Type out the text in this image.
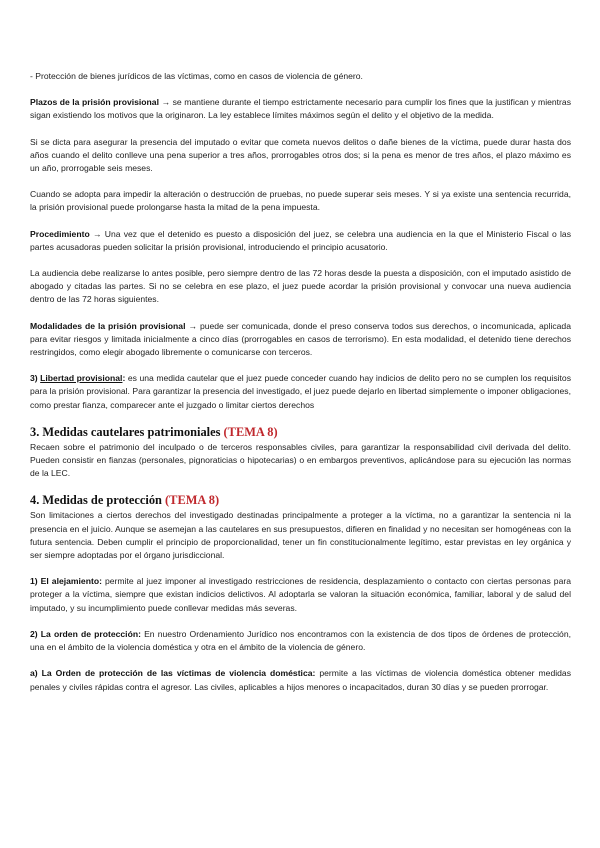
- Protección de bienes jurídicos de las víctimas, como en casos de violencia de género.

Plazos de la prisión provisional → se mantiene durante el tiempo estrictamente necesario para cumplir los fines que la justifican y mientras sigan existiendo los motivos que la originaron. La ley establece límites máximos según el delito y el objetivo de la medida.

Si se dicta para asegurar la presencia del imputado o evitar que cometa nuevos delitos o dañe bienes de la víctima, puede durar hasta dos años cuando el delito conlleve una pena superior a tres años, prorrogables otros dos; si la pena es menor de tres años, el plazo máximo es un año, prorrogable seis meses.

Cuando se adopta para impedir la alteración o destrucción de pruebas, no puede superar seis meses. Y si ya existe una sentencia recurrida, la prisión provisional puede prolongarse hasta la mitad de la pena impuesta.

Procedimiento → Una vez que el detenido es puesto a disposición del juez, se celebra una audiencia en la que el Ministerio Fiscal o las partes acusadoras pueden solicitar la prisión provisional, introduciendo el principio acusatorio.

La audiencia debe realizarse lo antes posible, pero siempre dentro de las 72 horas desde la puesta a disposición, con el imputado asistido de abogado y citadas las partes. Si no se celebra en ese plazo, el juez puede acordar la prisión provisional y convocar una nueva audiencia dentro de las 72 horas siguientes.

Modalidades de la prisión provisional → puede ser comunicada, donde el preso conserva todos sus derechos, o incomunicada, aplicada para evitar riesgos y limitada inicialmente a cinco días (prorrogables en casos de terrorismo). En esta modalidad, el detenido tiene derechos restringidos, como elegir abogado libremente o comunicarse con terceros.

3) Libertad provisional: es una medida cautelar que el juez puede conceder cuando hay indicios de delito pero no se cumplen los requisitos para la prisión provisional. Para garantizar la presencia del investigado, el juez puede dejarlo en libertad simplemente o imponer obligaciones, como prestar fianza, comparecer ante el juzgado o limitar ciertos derechos

3. Medidas cautelares patrimoniales (TEMA 8)

Recaen sobre el patrimonio del inculpado o de terceros responsables civiles, para garantizar la responsabilidad civil derivada del delito. Pueden consistir en fianzas (personales, pignoraticias o hipotecarias) o en embargos preventivos, aplicándose para su ejecución las normas de la LEC.

4. Medidas de protección (TEMA 8)

Son limitaciones a ciertos derechos del investigado destinadas principalmente a proteger a la víctima, no a garantizar la sentencia ni la presencia en el juicio. Aunque se asemejan a las cautelares en sus presupuestos, difieren en finalidad y no necesitan ser homogéneas con la futura sentencia. Deben cumplir el principio de proporcionalidad, tener un fin constitucionalmente legítimo, estar previstas en ley orgánica y ser siempre adoptadas por el órgano jurisdiccional.

1) El alejamiento: permite al juez imponer al investigado restricciones de residencia, desplazamiento o contacto con ciertas personas para proteger a la víctima, siempre que existan indicios delictivos. Al adoptarla se valoran la situación económica, familiar, laboral y de salud del imputado, y su incumplimiento puede conllevar medidas más severas.

2) La orden de protección: En nuestro Ordenamiento Jurídico nos encontramos con la existencia de dos tipos de órdenes de protección, una en el ámbito de la violencia doméstica y otra en el ámbito de la violencia de género.

a) La Orden de protección de las víctimas de violencia doméstica: permite a las víctimas de violencia doméstica obtener medidas penales y civiles rápidas contra el agresor. Las civiles, aplicables a hijos menores o incapacitados, duran 30 días y se pueden prorrogar.
